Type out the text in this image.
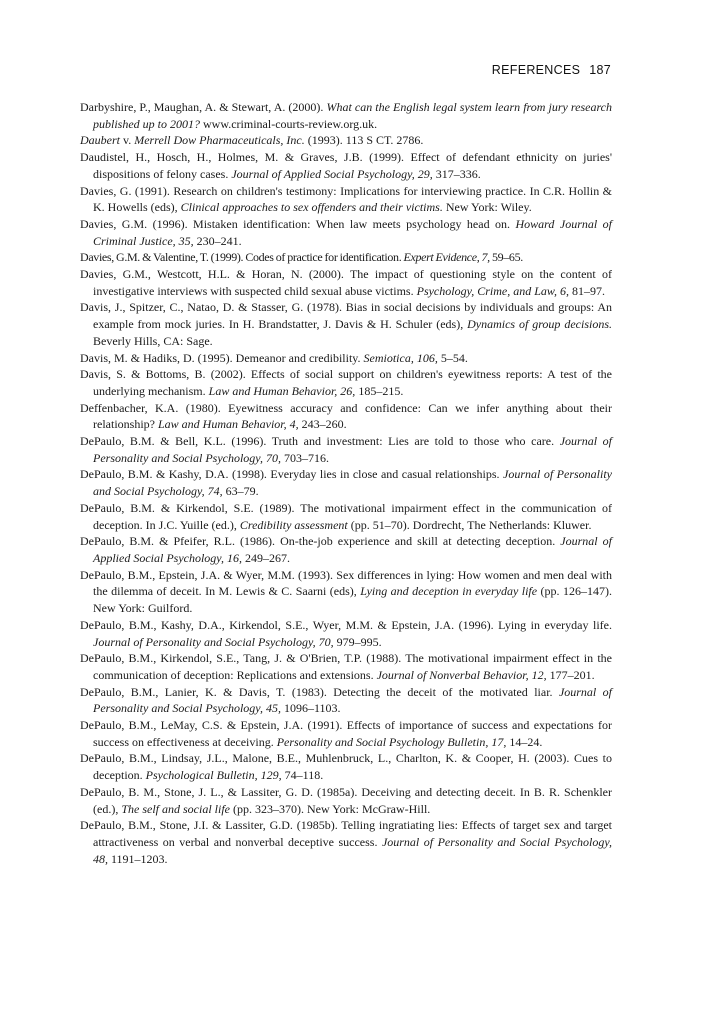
REFERENCES 187
Darbyshire, P., Maughan, A. & Stewart, A. (2000). What can the English legal system learn from jury research published up to 2001? www.criminal-courts-review.org.uk.
Daubert v. Merrell Dow Pharmaceuticals, Inc. (1993). 113 S CT. 2786.
Daudistel, H., Hosch, H., Holmes, M. & Graves, J.B. (1999). Effect of defendant ethnicity on juries' dispositions of felony cases. Journal of Applied Social Psychology, 29, 317–336.
Davies, G. (1991). Research on children's testimony: Implications for interviewing practice. In C.R. Hollin & K. Howells (eds), Clinical approaches to sex offenders and their victims. New York: Wiley.
Davies, G.M. (1996). Mistaken identification: When law meets psychology head on. Howard Journal of Criminal Justice, 35, 230–241.
Davies, G.M. & Valentine, T. (1999). Codes of practice for identification. Expert Evidence, 7, 59–65.
Davies, G.M., Westcott, H.L. & Horan, N. (2000). The impact of questioning style on the content of investigative interviews with suspected child sexual abuse victims. Psychology, Crime, and Law, 6, 81–97.
Davis, J., Spitzer, C., Natao, D. & Stasser, G. (1978). Bias in social decisions by individuals and groups: An example from mock juries. In H. Brandstatter, J. Davis & H. Schuler (eds), Dynamics of group decisions. Beverly Hills, CA: Sage.
Davis, M. & Hadiks, D. (1995). Demeanor and credibility. Semiotica, 106, 5–54.
Davis, S. & Bottoms, B. (2002). Effects of social support on children's eyewitness reports: A test of the underlying mechanism. Law and Human Behavior, 26, 185–215.
Deffenbacher, K.A. (1980). Eyewitness accuracy and confidence: Can we infer anything about their relationship? Law and Human Behavior, 4, 243–260.
DePaulo, B.M. & Bell, K.L. (1996). Truth and investment: Lies are told to those who care. Journal of Personality and Social Psychology, 70, 703–716.
DePaulo, B.M. & Kashy, D.A. (1998). Everyday lies in close and casual relationships. Journal of Personality and Social Psychology, 74, 63–79.
DePaulo, B.M. & Kirkendol, S.E. (1989). The motivational impairment effect in the communication of deception. In J.C. Yuille (ed.), Credibility assessment (pp. 51–70). Dordrecht, The Netherlands: Kluwer.
DePaulo, B.M. & Pfeifer, R.L. (1986). On-the-job experience and skill at detecting deception. Journal of Applied Social Psychology, 16, 249–267.
DePaulo, B.M., Epstein, J.A. & Wyer, M.M. (1993). Sex differences in lying: How women and men deal with the dilemma of deceit. In M. Lewis & C. Saarni (eds), Lying and deception in everyday life (pp. 126–147). New York: Guilford.
DePaulo, B.M., Kashy, D.A., Kirkendol, S.E., Wyer, M.M. & Epstein, J.A. (1996). Lying in everyday life. Journal of Personality and Social Psychology, 70, 979–995.
DePaulo, B.M., Kirkendol, S.E., Tang, J. & O'Brien, T.P. (1988). The motivational impairment effect in the communication of deception: Replications and extensions. Journal of Nonverbal Behavior, 12, 177–201.
DePaulo, B.M., Lanier, K. & Davis, T. (1983). Detecting the deceit of the motivated liar. Journal of Personality and Social Psychology, 45, 1096–1103.
DePaulo, B.M., LeMay, C.S. & Epstein, J.A. (1991). Effects of importance of success and expectations for success on effectiveness at deceiving. Personality and Social Psychology Bulletin, 17, 14–24.
DePaulo, B.M., Lindsay, J.L., Malone, B.E., Muhlenbruck, L., Charlton, K. & Cooper, H. (2003). Cues to deception. Psychological Bulletin, 129, 74–118.
DePaulo, B. M., Stone, J. L., & Lassiter, G. D. (1985a). Deceiving and detecting deceit. In B. R. Schenkler (ed.), The self and social life (pp. 323–370). New York: McGraw-Hill.
DePaulo, B.M., Stone, J.I. & Lassiter, G.D. (1985b). Telling ingratiating lies: Effects of target sex and target attractiveness on verbal and nonverbal deceptive success. Journal of Personality and Social Psychology, 48, 1191–1203.
